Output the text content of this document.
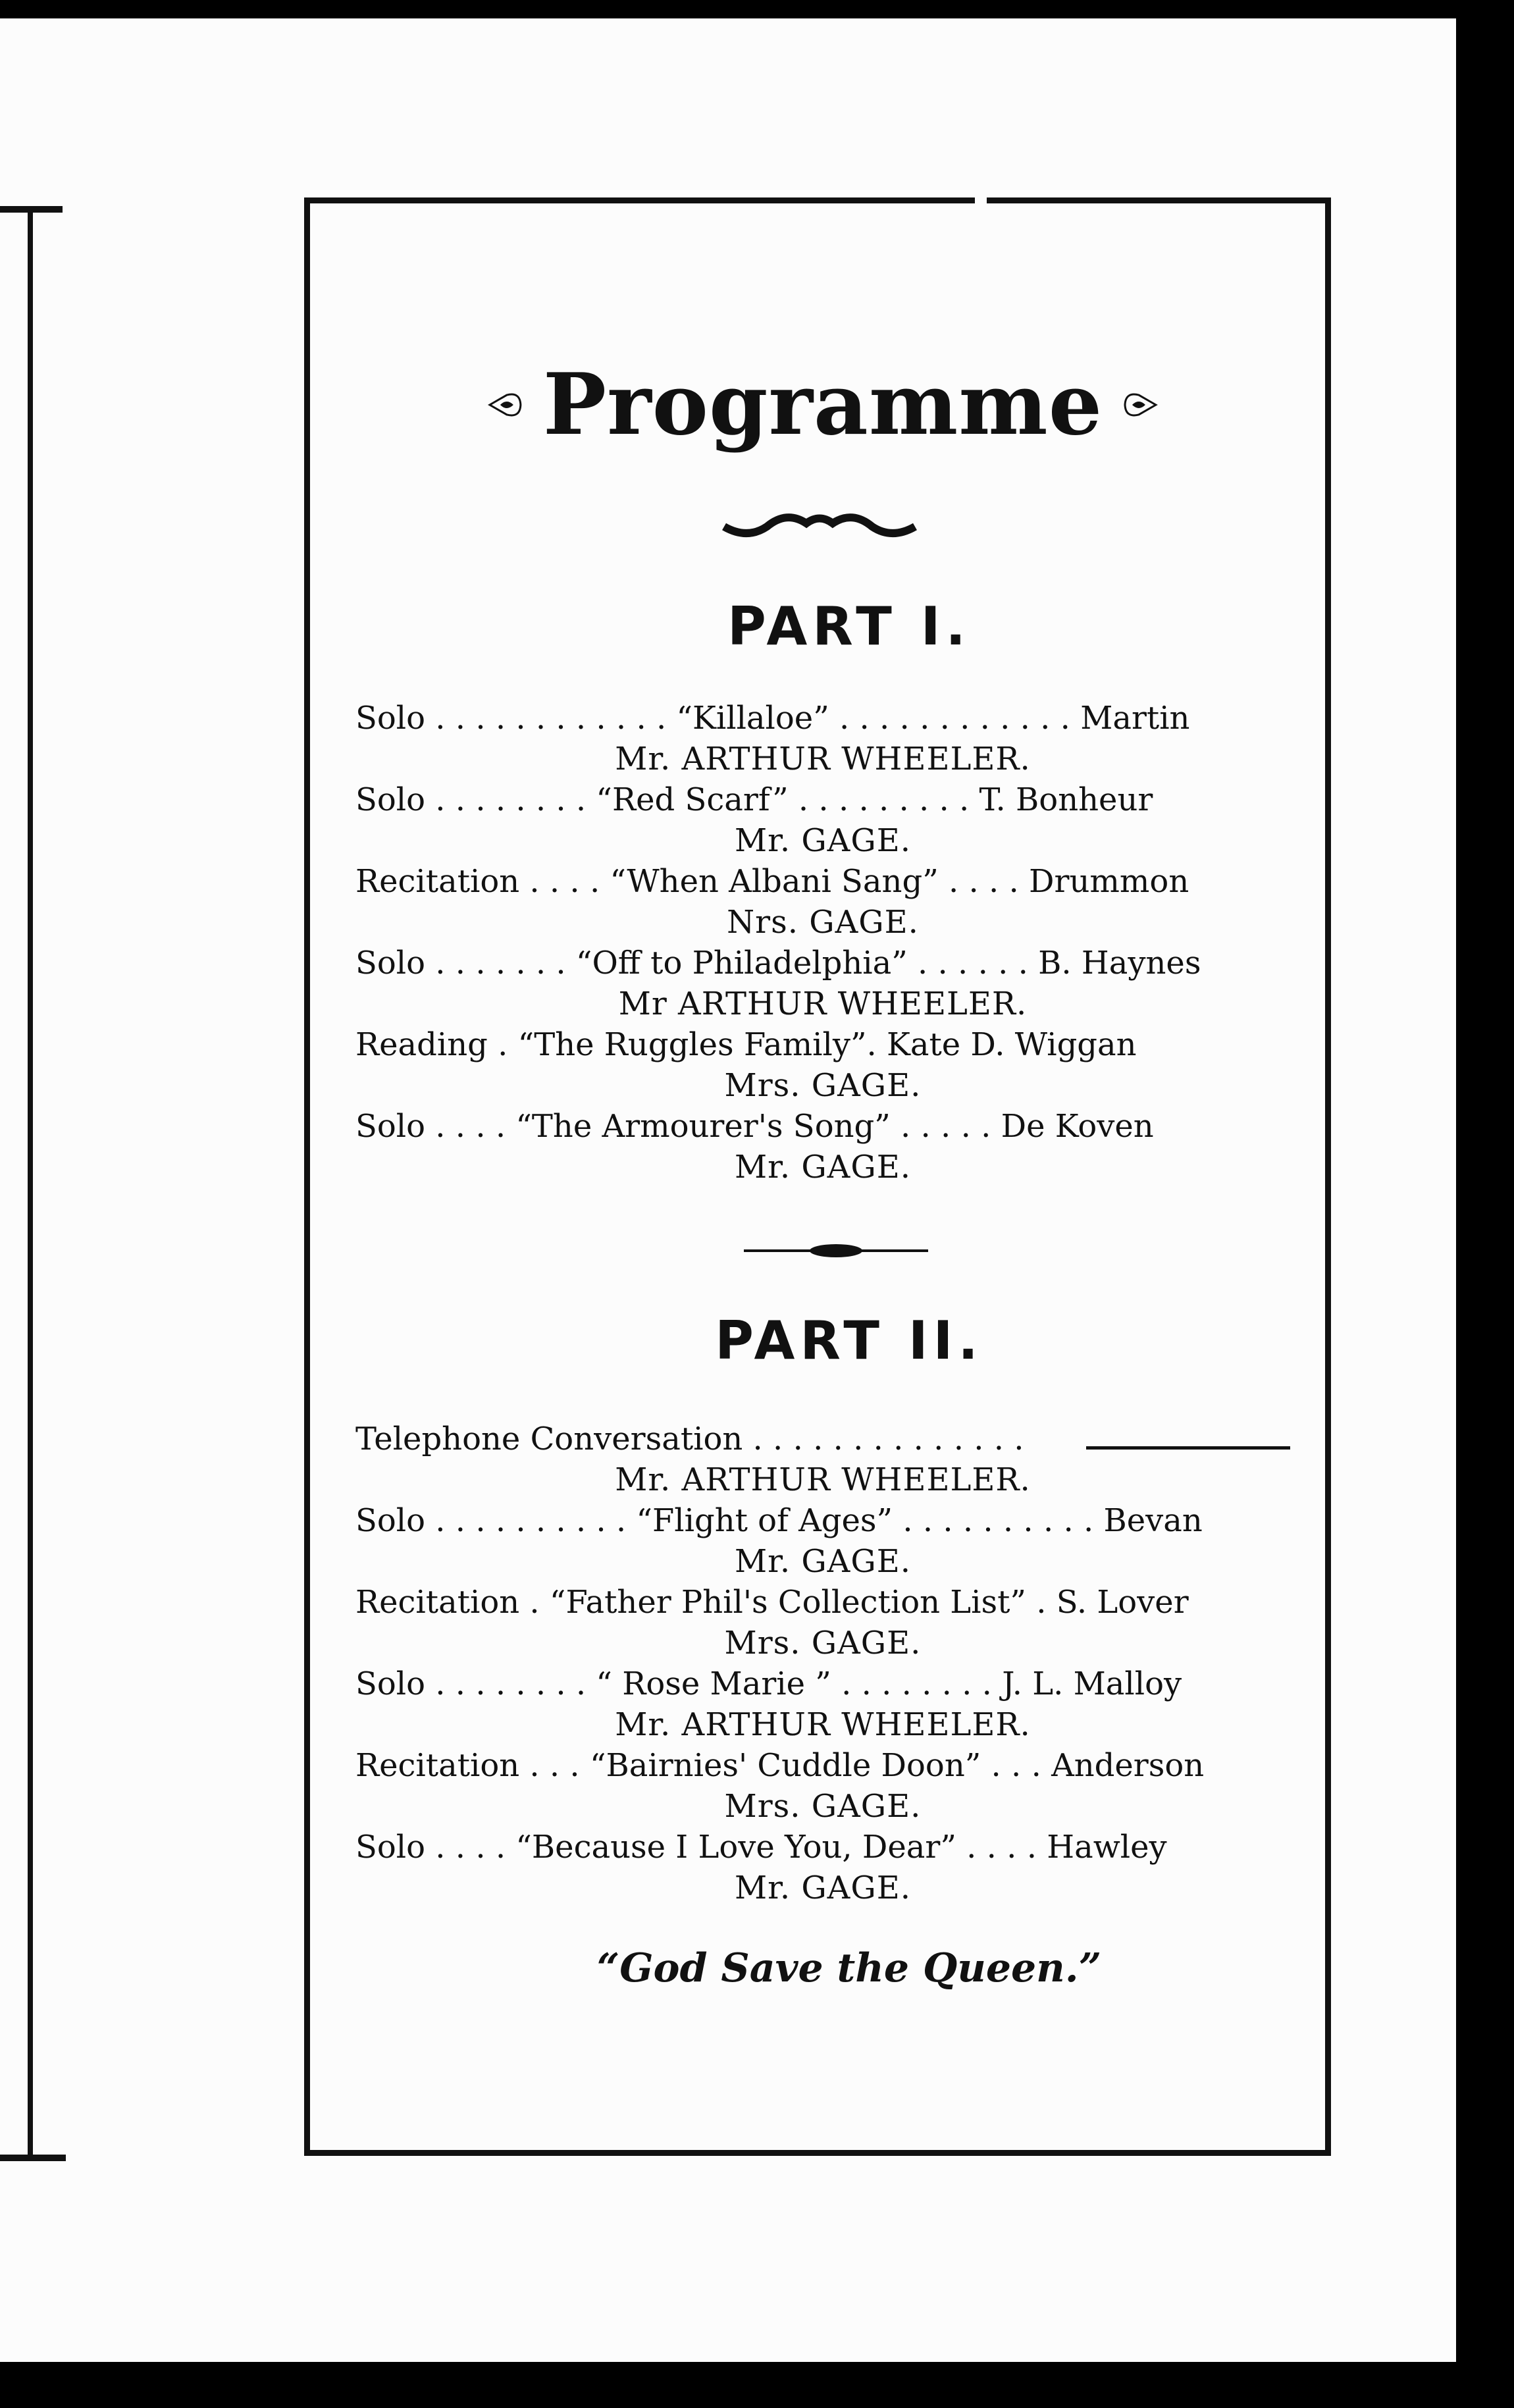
Programme
PART I.
Solo . . . . . . . . . . . . “Killaloe” . . . . . . . . . . . . Martin
Mr. ARTHUR WHEELER.
Solo . . . . . . . . “Red Scarf” . . . . . . . . . T. Bonheur
Mr. GAGE.
Recitation . . . . “When Albani Sang” . . . . Drummon
Nrs. GAGE.
Solo . . . . . . . “Off to Philadelphia” . . . . . . B. Haynes
Mr ARTHUR WHEELER.
Reading . “The Ruggles Family”. Kate D. Wiggan
Mrs. GAGE.
Solo . . . . “The Armourer's Song” . . . . . De Koven
Mr. GAGE.
PART II.
Telephone Conversation . . . . . . . . . . . . . .
Mr. ARTHUR WHEELER.
Solo . . . . . . . . . . “Flight of Ages” . . . . . . . . . . Bevan
Mr. GAGE.
Recitation . “Father Phil's Collection List” . S. Lover
Mrs. GAGE.
Solo . . . . . . . . “ Rose Marie ” . . . . . . . . J. L. Malloy
Mr. ARTHUR WHEELER.
Recitation . . . “Bairnies' Cuddle Doon” . . . Anderson
Mrs. GAGE.
Solo . . . . “Because I Love You, Dear” . . . . Hawley
Mr. GAGE.
“God Save the Queen.”
